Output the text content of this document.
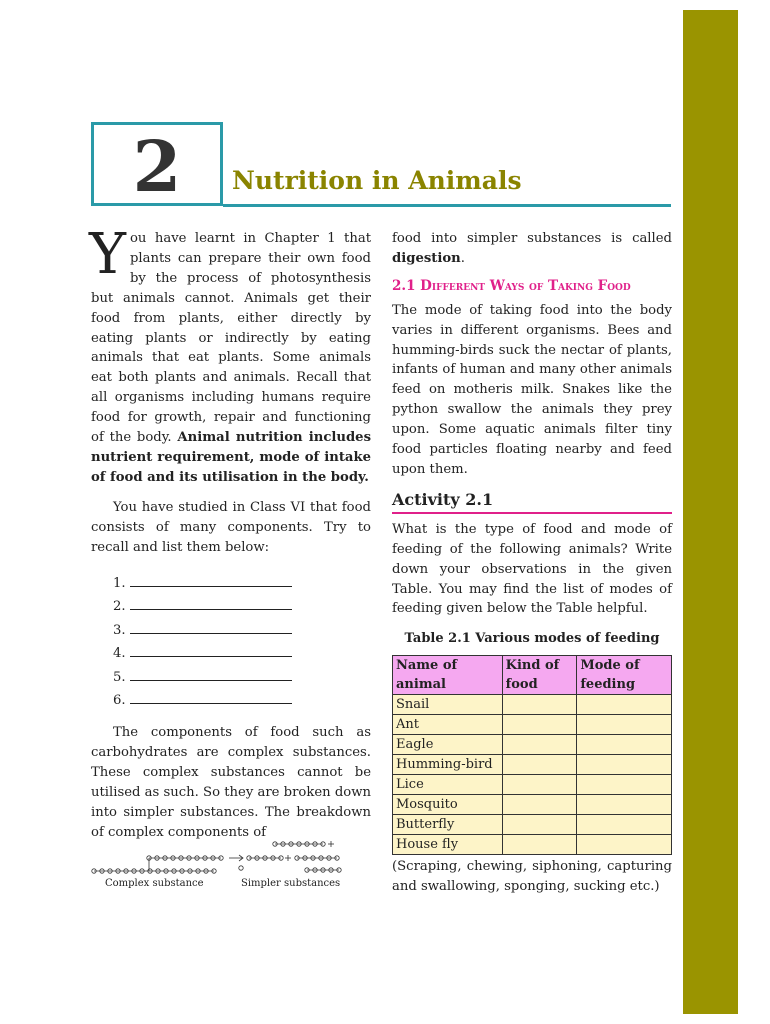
2	Nutrition in Animals

You have learnt in Chapter 1 that plants can prepare their own food by the process of photosynthesis but animals cannot. Animals get their food from plants, either directly by eating plants or indirectly by eating animals that eat plants. Some animals eat both plants and animals. Recall that all organisms including humans require food for growth, repair and functioning of the body. Animal nutrition includes nutrient requirement, mode of intake of food and its utilisation in the body.

You have studied in Class VI that food consists of many components. Try to recall and list them below:

1.
2.
3.
4.
5.
6.

The components of food such as carbohydrates are complex substances. These complex substances cannot be utilised as such. So they are broken down into simpler substances. The breakdown of complex components of

Complex substance	Simpler substances

food into simpler substances is called digestion.

2.1 Different Ways of Taking Food

The mode of taking food into the body varies in different organisms. Bees and humming-birds suck the nectar of plants, infants of human and many other animals feed on motheris milk. Snakes like the python swallow the animals they prey upon. Some aquatic animals filter tiny food particles floating nearby and feed upon them.

Activity 2.1

What is the type of food and mode of feeding of the following animals? Write down your observations in the given Table. You may find the list of modes of feeding given below the Table helpful.

Table 2.1 Various modes of feeding
Name of animal	Kind of food	Mode of feeding
Snail		
Ant		
Eagle		
Humming-bird		
Lice		
Mosquito		
Butterfly		
House fly		

(Scraping, chewing, siphoning, capturing and swallowing, sponging, sucking etc.)
